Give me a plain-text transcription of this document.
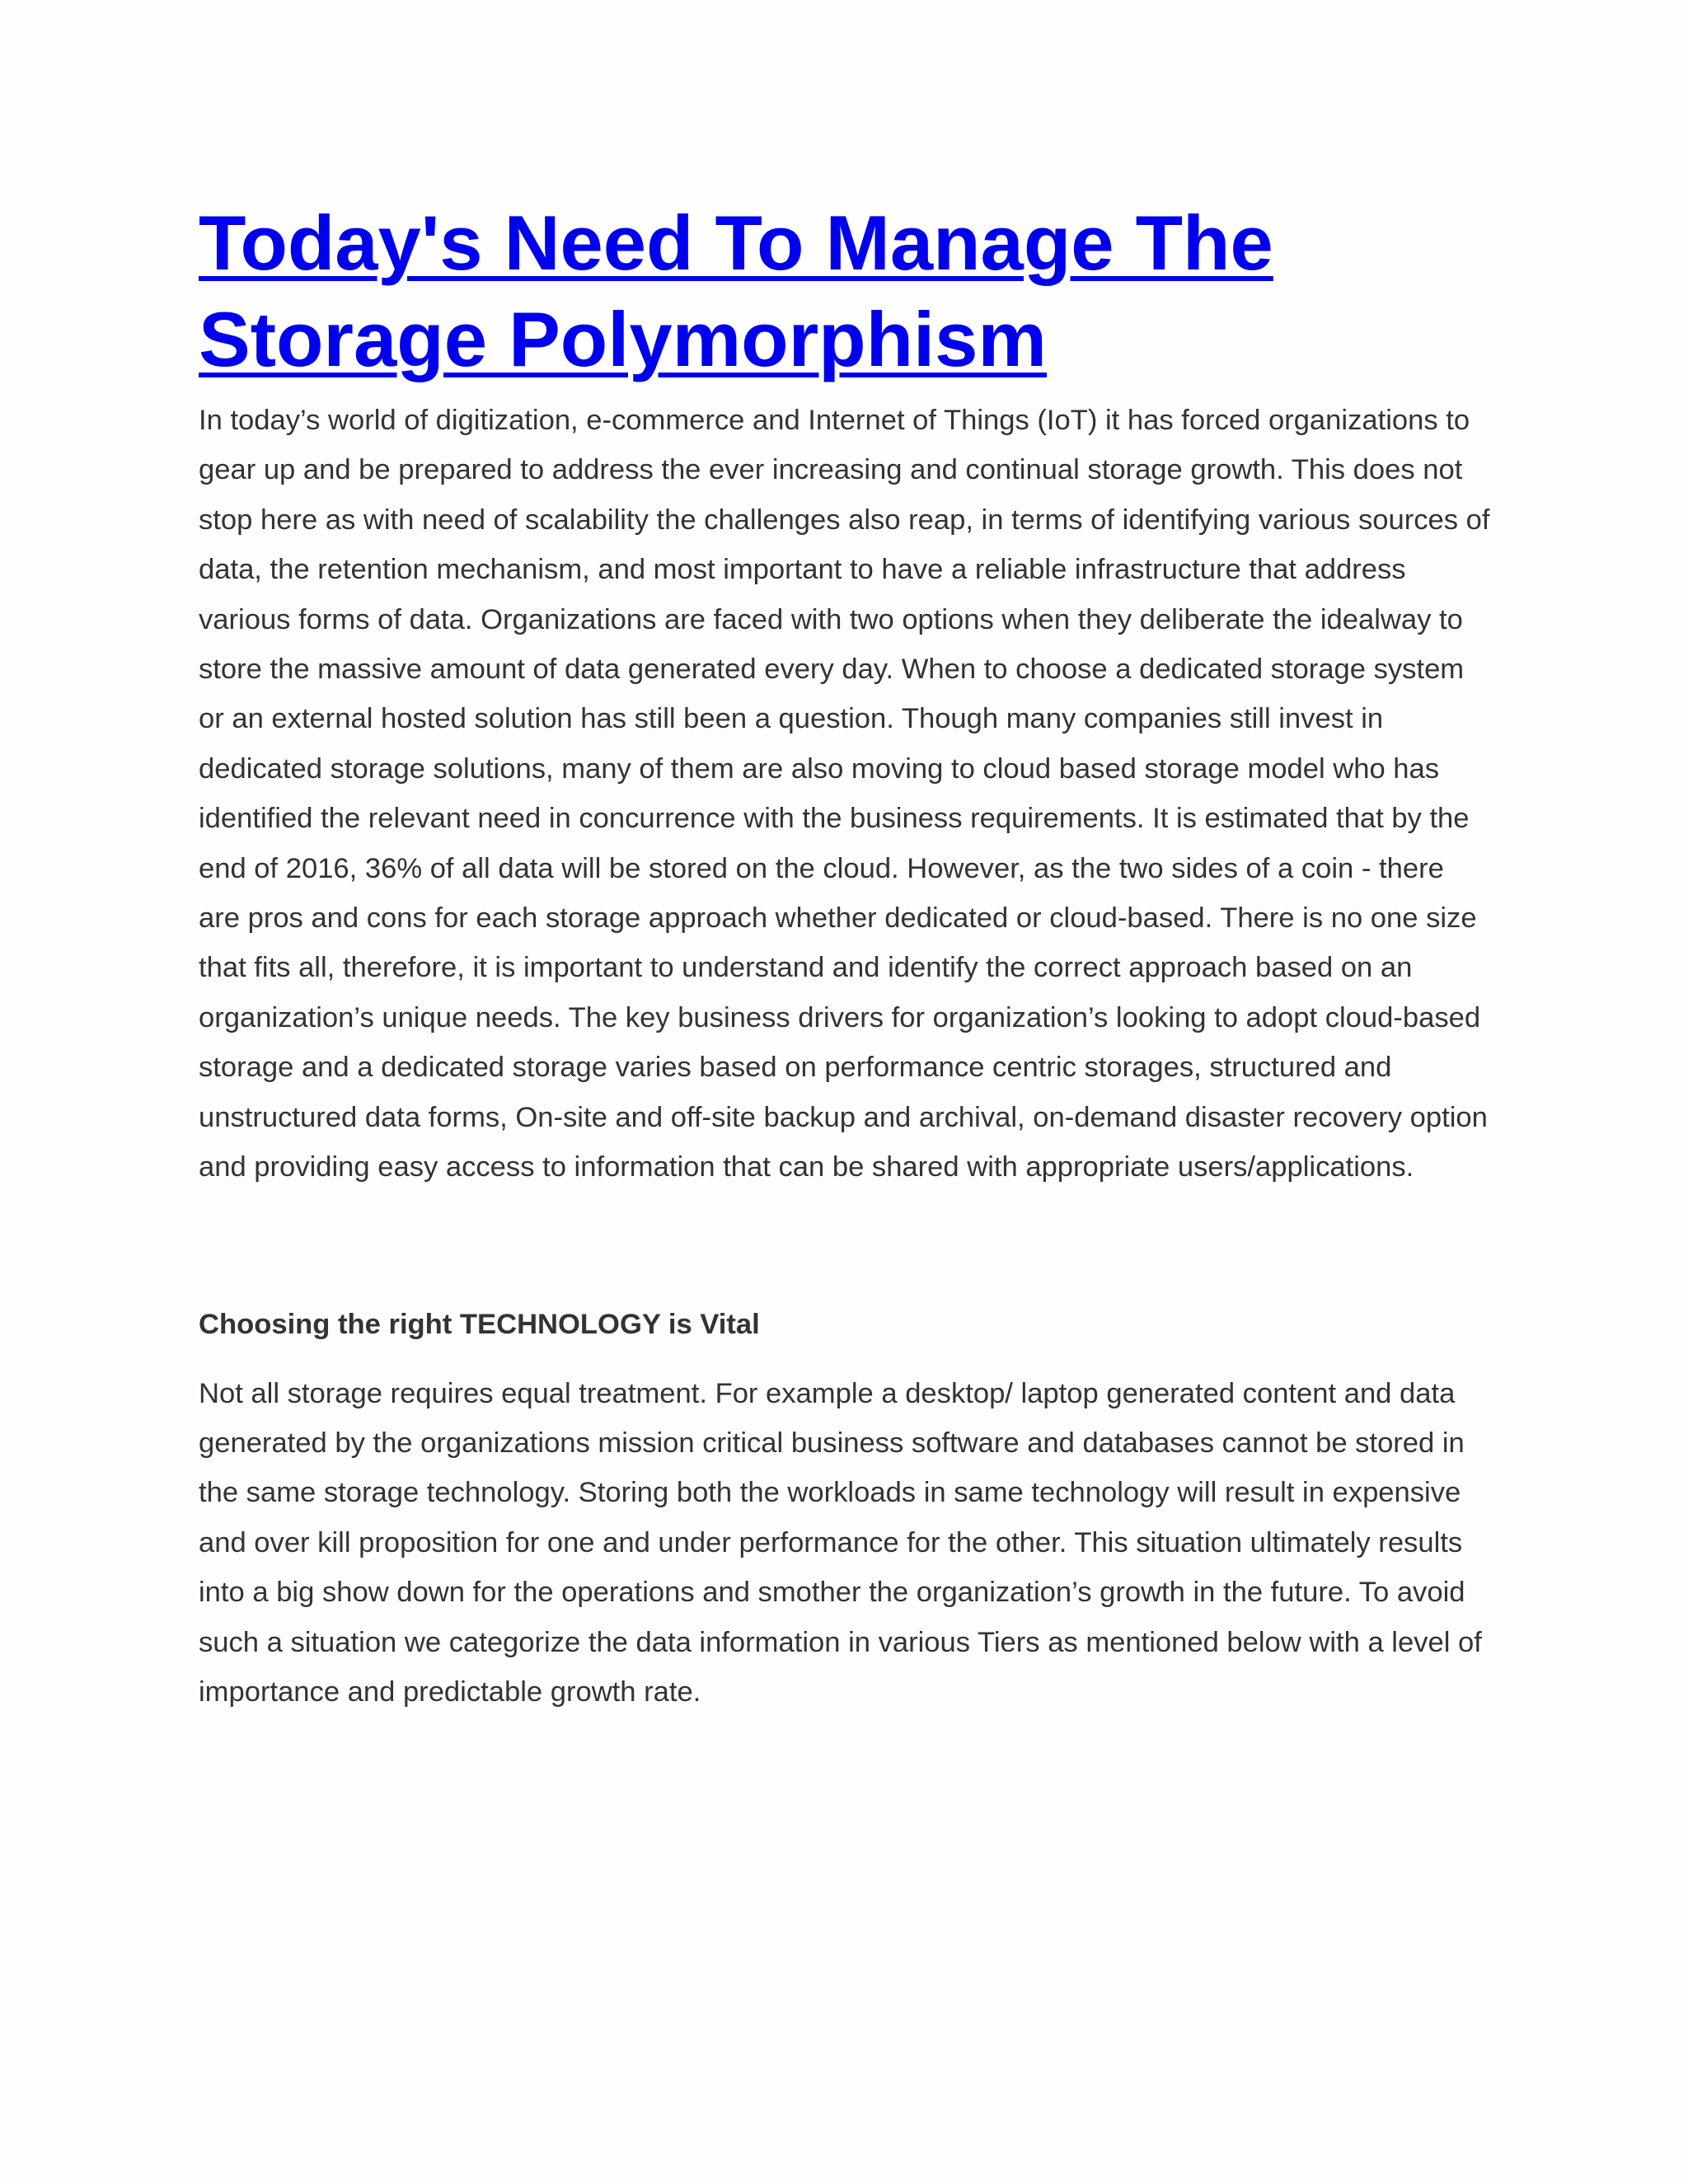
Today's Need To Manage The
Storage Polymorphism

In today’s world of digitization, e-commerce and Internet of Things (IoT) it has forced organizations to gear up and be prepared to address the ever increasing and continual storage growth. This does not stop here as with need of scalability the challenges also reap, in terms of identifying various sources of data, the retention mechanism, and most important to have a reliable infrastructure that address various forms of data. Organizations are faced with two options when they deliberate the idealway to store the massive amount of data generated every day. When to choose a dedicated storage system or an external hosted solution has still been a question. Though many companies still invest in dedicated storage solutions, many of them are also moving to cloud based storage model who has identified the relevant need in concurrence with the business requirements. It is estimated that by the end of 2016, 36% of all data will be stored on the cloud. However, as the two sides of a coin - there are pros and cons for each storage approach whether dedicated or cloud-based. There is no one size that fits all, therefore, it is important to understand and identify the correct approach based on an organization’s unique needs. The key business drivers for organization’s looking to adopt cloud-based storage and a dedicated storage varies based on performance centric storages, structured and unstructured data forms, On-site and off-site backup and archival, on-demand disaster recovery option and providing easy access to information that can be shared with appropriate users/applications.

Choosing the right TECHNOLOGY is Vital

Not all storage requires equal treatment. For example a desktop/ laptop generated content and data generated by the organizations mission critical business software and databases cannot be stored in the same storage technology. Storing both the workloads in same technology will result in expensive and over kill proposition for one and under performance for the other. This situation ultimately results into a big show down for the operations and smother the organization’s growth in the future. To avoid such a situation we categorize the data information in various Tiers as mentioned below with a level of importance and predictable growth rate.
